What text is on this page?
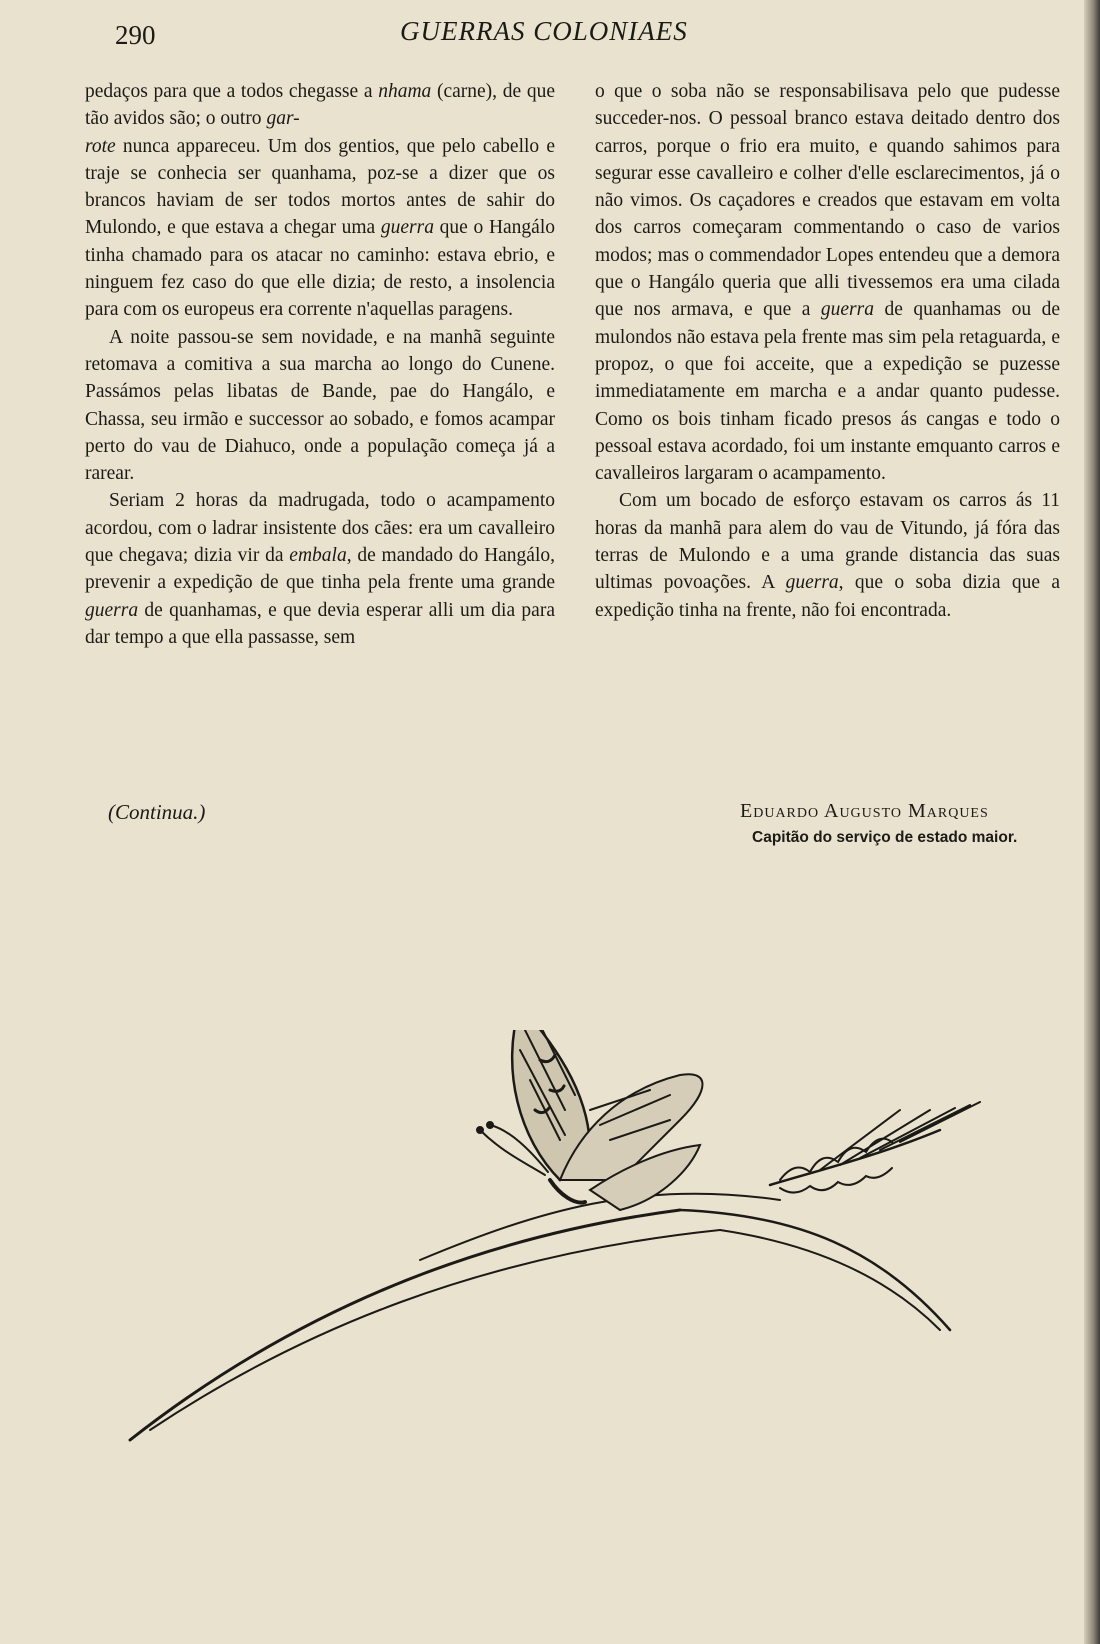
290	GUERRAS COLONIAES

pedaços para que a todos chegasse a nhama (carne), de que tão avidos são; o outro gar-
rote nunca appareceu. Um dos gentios, que pelo cabello e traje se conhecia ser quanhama, poz-se a dizer que os brancos haviam de ser todos mortos antes de sahir do Mulondo, e que estava a chegar uma guerra que o Hangálo tinha chamado para os atacar no caminho: estava ebrio, e ninguem fez caso do que elle dizia; de resto, a insolencia para com os europeus era corrente n'aquellas paragens.

A noite passou-se sem novidade, e na manhã seguinte retomava a comitiva a sua marcha ao longo do Cunene. Passámos pelas libatas de Bande, pae do Hangálo, e Chassa, seu irmão e successor ao sobado, e fomos acampar perto do vau de Diahuco, onde a população começa já a rarear.

Seriam 2 horas da madrugada, todo o acampamento acordou, com o ladrar insistente dos cães: era um cavalleiro que chegava; dizia vir da embala, de mandado do Hangálo, prevenir a expedição de que tinha pela frente uma grande guerra de quanhamas, e que devia esperar alli um dia para dar tempo a que ella passasse, sem

o que o soba não se responsabilisava pelo que pudesse succeder-nos. O pessoal branco estava deitado dentro dos carros, porque o frio era muito, e quando sahimos para segurar esse cavalleiro e colher d'elle esclarecimentos, já o não vimos. Os caçadores e creados que estavam em volta dos carros começaram commentando o caso de varios modos; mas o commendador Lopes entendeu que a demora que o Hangálo queria que alli tivessemos era uma cilada que nos armava, e que a guerra de quanhamas ou de mulondos não estava pela frente mas sim pela retaguarda, e propoz, o que foi acceite, que a expedição se puzesse immediatamente em marcha e a andar quanto pudesse. Como os bois tinham ficado presos ás cangas e todo o pessoal estava acordado, foi um instante emquanto carros e cavalleiros largaram o acampamento.

Com um bocado de esforço estavam os carros ás 11 horas da manhã para alem do vau de Vitundo, já fóra das terras de Mulondo e a uma grande distancia das suas ultimas povoações. A guerra, que o soba dizia que a expedição tinha na frente, não foi encontrada.

(Continua.)	Eduardo Augusto Marques
Capitão do serviço de estado maior.
